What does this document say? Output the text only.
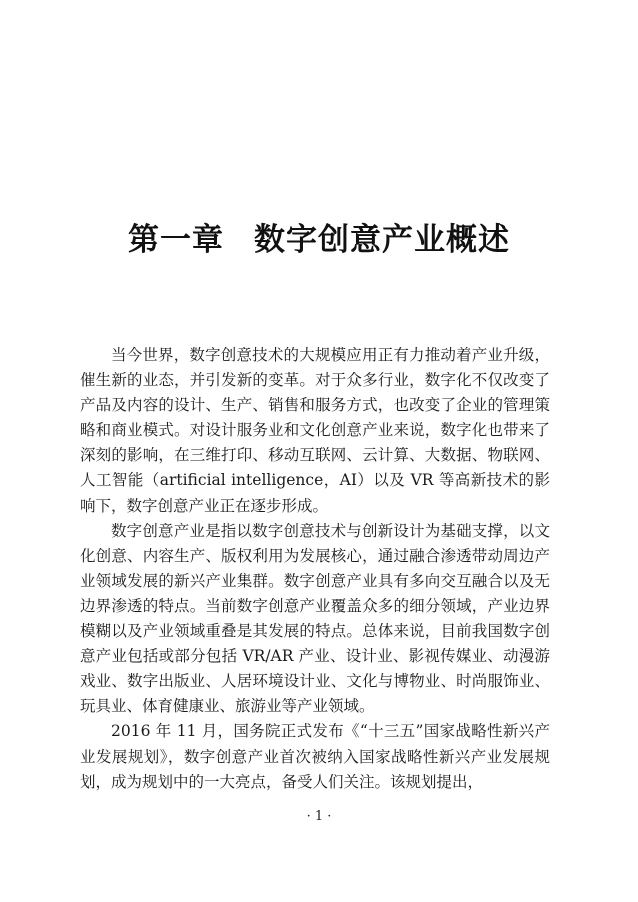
第一章 数字创意产业概述

当今世界，数字创意技术的大规模应用正有力推动着产业升级，催生新的业态，并引发新的变革。对于众多行业，数字化不仅改变了产品及内容的设计、生产、销售和服务方式，也改变了企业的管理策略和商业模式。对设计服务业和文化创意产业来说，数字化也带来了深刻的影响，在三维打印、移动互联网、云计算、大数据、物联网、人工智能（artificial intelligence，AI）以及 VR 等高新技术的影响下，数字创意产业正在逐步形成。

数字创意产业是指以数字创意技术与创新设计为基础支撑，以文化创意、内容生产、版权利用为发展核心，通过融合渗透带动周边产业领域发展的新兴产业集群。数字创意产业具有多向交互融合以及无边界渗透的特点。当前数字创意产业覆盖众多的细分领域，产业边界模糊以及产业领域重叠是其发展的特点。总体来说，目前我国数字创意产业包括或部分包括 VR/AR 产业、设计业、影视传媒业、动漫游戏业、数字出版业、人居环境设计业、文化与博物业、时尚服饰业、玩具业、体育健康业、旅游业等产业领域。

2016 年 11 月，国务院正式发布《“十三五”国家战略性新兴产业发展规划》，数字创意产业首次被纳入国家战略性新兴产业发展规划，成为规划中的一大亮点，备受人们关注。该规划提出，

· 1 ·
